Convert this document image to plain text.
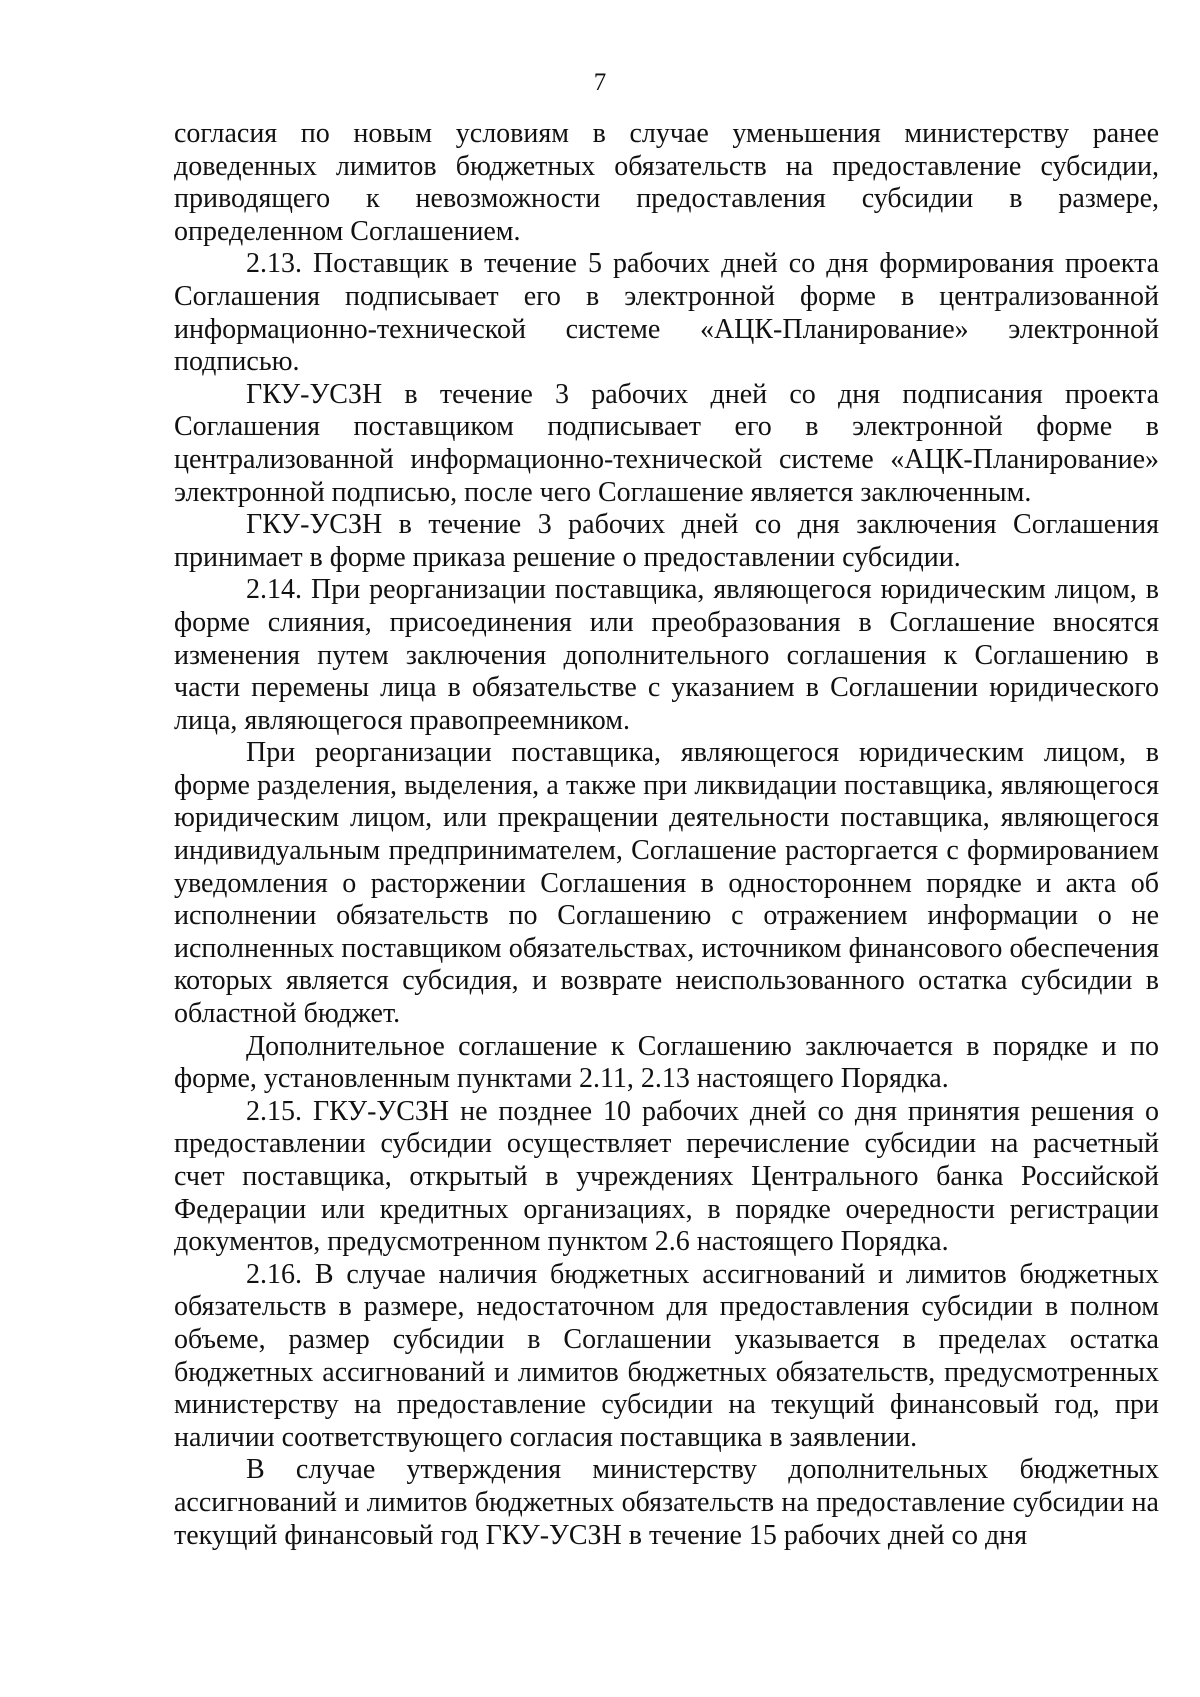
7

согласия по новым условиям в случае уменьшения министерству ранее доведенных лимитов бюджетных обязательств на предоставление субсидии, приводящего к невозможности предоставления субсидии в размере, определенном Соглашением.

2.13. Поставщик в течение 5 рабочих дней со дня формирования проекта Соглашения подписывает его в электронной форме в централизованной информационно-технической системе «АЦК-Планирование» электронной подписью.

ГКУ-УСЗН в течение 3 рабочих дней со дня подписания проекта Соглашения поставщиком подписывает его в электронной форме в централизованной информационно-технической системе «АЦК-Планирование» электронной подписью, после чего Соглашение является заключенным.

ГКУ-УСЗН в течение 3 рабочих дней со дня заключения Соглашения принимает в форме приказа решение о предоставлении субсидии.

2.14. При реорганизации поставщика, являющегося юридическим лицом, в форме слияния, присоединения или преобразования в Соглашение вносятся изменения путем заключения дополнительного соглашения к Соглашению в части перемены лица в обязательстве с указанием в Соглашении юридического лица, являющегося правопреемником.

При реорганизации поставщика, являющегося юридическим лицом, в форме разделения, выделения, а также при ликвидации поставщика, являющегося юридическим лицом, или прекращении деятельности поставщика, являющегося индивидуальным предпринимателем, Соглашение расторгается с формированием уведомления о расторжении Соглашения в одностороннем порядке и акта об исполнении обязательств по Соглашению с отражением информации о не исполненных поставщиком обязательствах, источником финансового обеспечения которых является субсидия, и возврате неиспользованного остатка субсидии в областной бюджет.

Дополнительное соглашение к Соглашению заключается в порядке и по форме, установленным пунктами 2.11, 2.13 настоящего Порядка.

2.15. ГКУ-УСЗН не позднее 10 рабочих дней со дня принятия решения о предоставлении субсидии осуществляет перечисление субсидии на расчетный счет поставщика, открытый в учреждениях Центрального банка Российской Федерации или кредитных организациях, в порядке очередности регистрации документов, предусмотренном пунктом 2.6 настоящего Порядка.

2.16. В случае наличия бюджетных ассигнований и лимитов бюджетных обязательств в размере, недостаточном для предоставления субсидии в полном объеме, размер субсидии в Соглашении указывается в пределах остатка бюджетных ассигнований и лимитов бюджетных обязательств, предусмотренных министерству на предоставление субсидии на текущий финансовый год, при наличии соответствующего согласия поставщика в заявлении.

В случае утверждения министерству дополнительных бюджетных ассигнований и лимитов бюджетных обязательств на предоставление субсидии на текущий финансовый год ГКУ-УСЗН в течение 15 рабочих дней со дня
